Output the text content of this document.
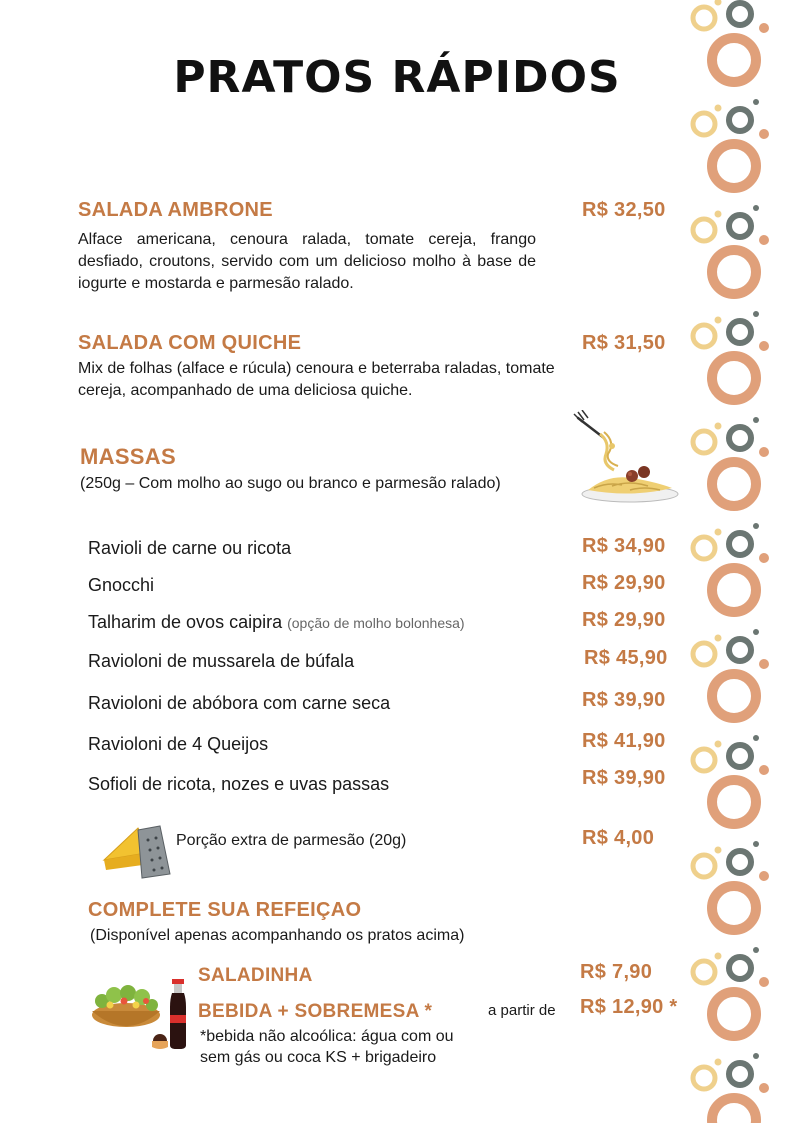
PRATOS RÁPIDOS
SALADA AMBRONE	R$ 32,50
Alface americana, cenoura ralada, tomate cereja, frango desfiado, croutons, servido com um delicioso molho à base de iogurte e mostarda e parmesão ralado.
SALADA COM QUICHE	R$ 31,50
Mix de folhas (alface e rúcula) cenoura e beterraba raladas, tomate cereja, acompanhado de uma deliciosa quiche.
MASSAS
(250g – Com molho ao sugo ou branco e parmesão ralado)
Ravioli de carne ou ricota	R$ 34,90
Gnocchi	R$ 29,90
Talharim de ovos caipira (opção de molho bolonhesa)	R$ 29,90
Ravioloni de mussarela de búfala	R$ 45,90
Ravioloni de abóbora com carne seca	R$ 39,90
Ravioloni de 4 Queijos	R$ 41,90
Sofioli de ricota, nozes e uvas passas	R$ 39,90
Porção extra de parmesão (20g)	R$ 4,00
COMPLETE SUA REFEIÇAO
(Disponível apenas acompanhando os pratos acima)
SALADINHA	R$ 7,90
BEBIDA + SOBREMESA *	a partir de R$ 12,90 *
*bebida não alcoólica: água com ou
sem gás ou coca KS + brigadeiro
